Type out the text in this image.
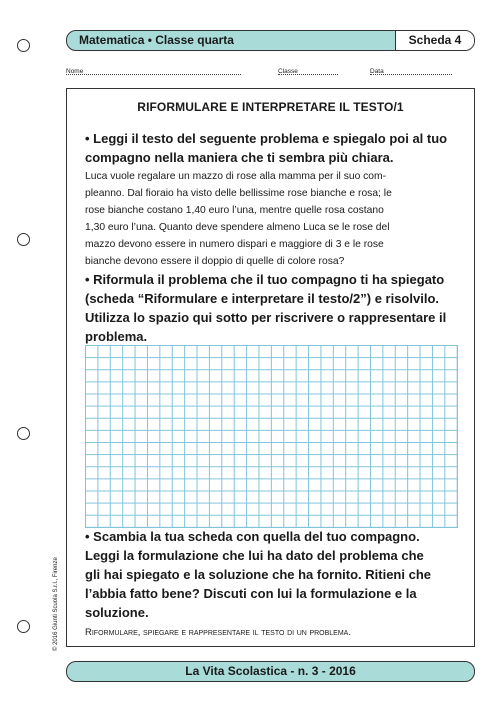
Matematica • Classe quarta	Scheda 4
Nome	Classe	Data
RIFORMULARE E INTERPRETARE IL TESTO/1
• Leggi il testo del seguente problema e spiegalo poi al tuo
compagno nella maniera che ti sembra più chiara.
Luca vuole regalare un mazzo di rose alla mamma per il suo com-
pleanno. Dal fioraio ha visto delle bellissime rose bianche e rosa; le
rose bianche costano 1,40 euro l’una, mentre quelle rosa costano
1,30 euro l’una. Quanto deve spendere almeno Luca se le rose del
mazzo devono essere in numero dispari e maggiore di 3 e le rose
bianche devono essere il doppio di quelle di colore rosa?
• Riformula il problema che il tuo compagno ti ha spiegato
(scheda “Riformulare e interpretare il testo/2”) e risolvilo.
Utilizza lo spazio qui sotto per riscrivere o rappresentare il
problema.
• Scambia la tua scheda con quella del tuo compagno.
Leggi la formulazione che lui ha dato del problema che
gli hai spiegato e la soluzione che ha fornito. Ritieni che
l’abbia fatto bene? Discuti con lui la formulazione e la
soluzione.
Riformulare, spiegare e rappresentare il testo di un problema.
© 2016 Giunti Scuola S.r.l., Firenze
La Vita Scolastica - n. 3 - 2016
